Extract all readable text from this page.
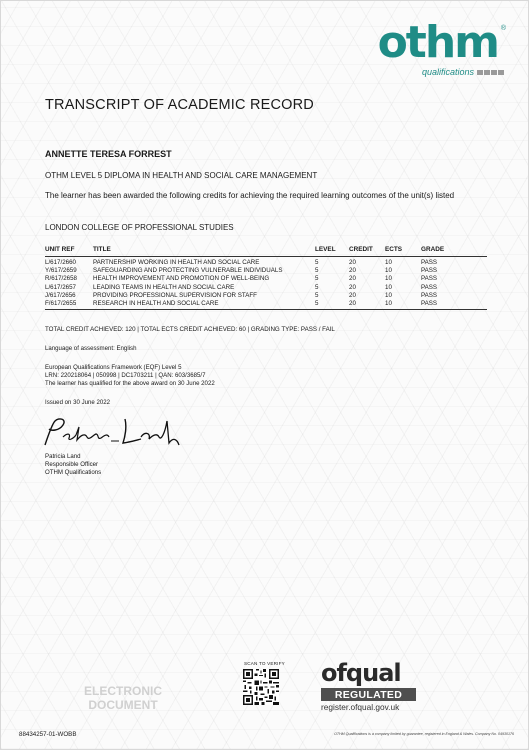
othm ®
qualifications
TRANSCRIPT OF ACADEMIC RECORD
ANNETTE TERESA FORREST
OTHM LEVEL 5 DIPLOMA IN HEALTH AND SOCIAL CARE MANAGEMENT
The learner has been awarded the following credits for achieving the required learning outcomes of the unit(s) listed
LONDON COLLEGE OF PROFESSIONAL STUDIES
UNIT REF	TITLE	LEVEL	CREDIT	ECTS	GRADE
L/617/2660	PARTNERSHIP WORKING IN HEALTH AND SOCIAL CARE	5	20	10	PASS
Y/617/2659	SAFEGUARDING AND PROTECTING VULNERABLE INDIVIDUALS	5	20	10	PASS
R/617/2658	HEALTH IMPROVEMENT AND PROMOTION OF WELL-BEING	5	20	10	PASS
L/617/2657	LEADING TEAMS IN HEALTH AND SOCIAL CARE	5	20	10	PASS
J/617/2656	PROVIDING PROFESSIONAL SUPERVISION FOR STAFF	5	20	10	PASS
F/617/2655	RESEARCH IN HEALTH AND SOCIAL CARE	5	20	10	PASS
TOTAL CREDIT ACHIEVED: 120 | TOTAL ECTS CREDIT ACHIEVED: 60 | GRADING TYPE: PASS / FAIL
Language of assessment: English
European Qualifications Framework (EQF) Level 5
LRN: 220218064 | 050998 | DC1703211 | QAN: 603/3685/7
The learner has qualified for the above award on 30 June 2022
Issued on 30 June 2022
Patricia Land
Responsible Officer
OTHM Qualifications
ELECTRONIC
DOCUMENT
SCAN TO VERIFY ofqual
REGULATED
register.ofqual.gov.uk
88434257-01-WOBB	OTHM Qualifications is a company limited by guarantee, registered in England & Wales. Company No. 04930176
